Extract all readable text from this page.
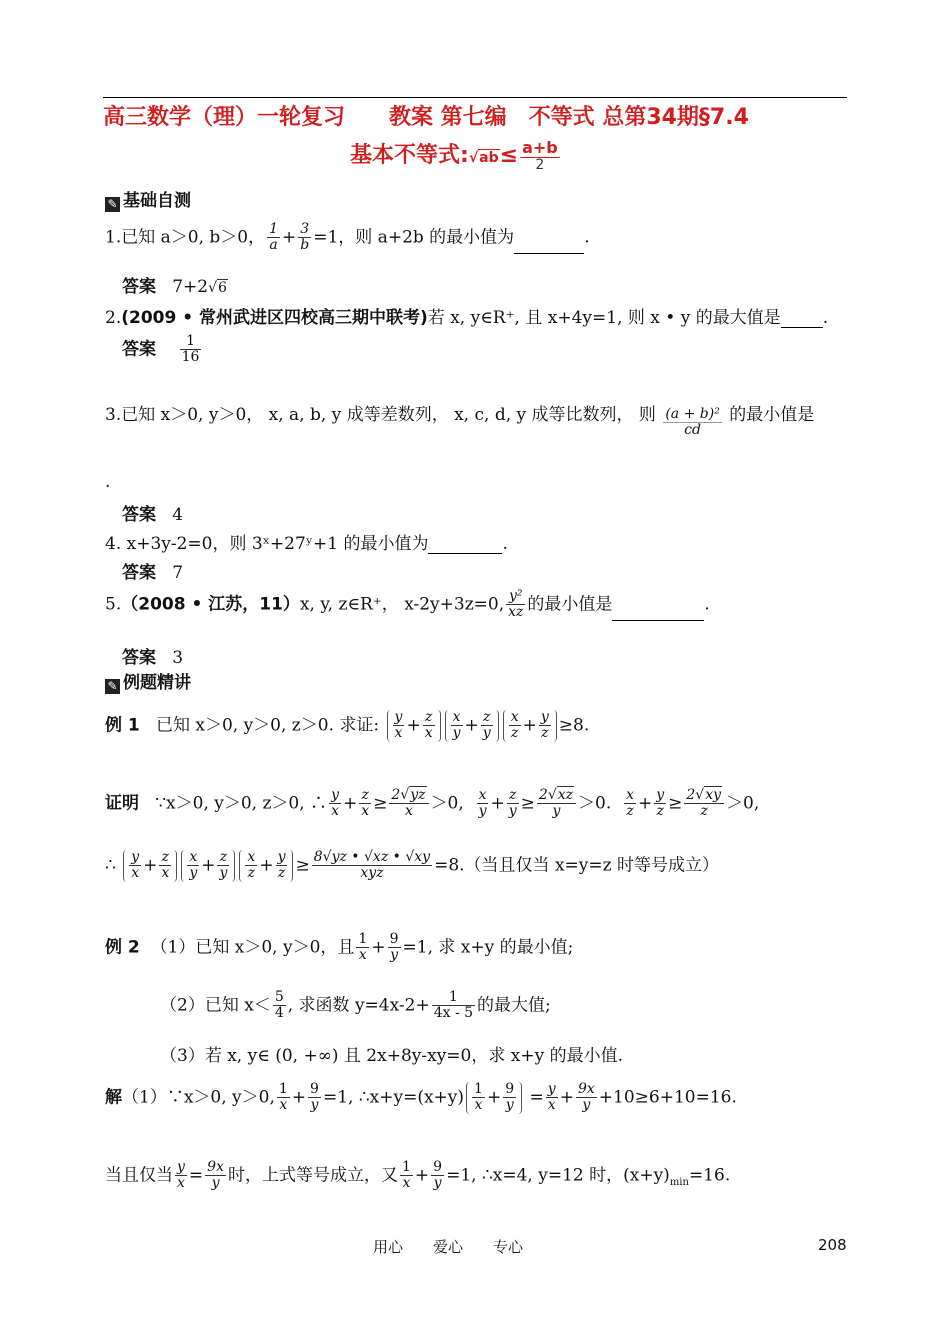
高三数学（理）一轮复习　　教案 第七编　不等式 总第34期§7.4
基本不等式:√ab≤ $\frac{a+b}{2}$
✎ 基础自测
1.已知 a＞0, b＞0， $\frac{1}{a} + \frac{3}{b} =1$，则 a+2b 的最小值为	.
答案 7+2√6
2.(2009 • 常州武进区四校高三期中联考)若 x, y∈R⁺, 且 x+4y=1, 则 x • y 的最大值是 .
答案 $\frac{1}{16}$
3.已知 x＞0, y＞0， x, a, b, y 成等差数列， x, c, d, y 成等比数列， 则 $\frac{\text{(a + b)²}}{cd}$ 的最小值是
.
答案 4
4. x+3y-2=0，则 3ˣ+27ʸ+1 的最小值为	.
答案 7
5.（2008 • 江苏，11）x, y, z∈R⁺， x-2y+3z=0, $\frac{\text{y²}}{xz}$ 的最小值是	.
答案 3
✎ 例题精讲
例 1 已知 x＞0, y＞0, z＞0. 求证: $\frac{y}{x} + \frac{z}{x} \frac{x}{y} + \frac{z}{y} \frac{x}{z} + \frac{y}{z} \ge 8$.
证明 ∵x＞0, y＞0, z＞0, ∴ $\frac{y}{x} + \frac{z}{x} \ge \frac{2√yz}{x} >0$, $\frac{x}{y} + \frac{z}{y} \ge \frac{2√xz}{y} >0$. $\frac{x}{z} + \frac{y}{z} \ge \frac{2√xy}{z} >0$,
∴ $\frac{y}{x} + \frac{z}{x} \frac{x}{y} + \frac{z}{y} \frac{x}{z} + \frac{y}{z} \ge \frac{8√yz • √xz • √xy}{\text{xyz}} =8$.（当且仅当 x=y=z 时等号成立）
例 2 （1）已知 x＞0, y＞0，且 $\frac{1}{x} + \frac{9}{y} =1$, 求 x+y 的最小值;
（2）已知 $x< \frac{5}{4}$ , 求函数 $y=4x-2+ \frac{1}{4x - 5}$ 的最大值;
（3）若 x, y∈ (0, +∞) 且 2x+8y-xy=0，求 x+y 的最小值.
解（1）∵x＞0, y＞0, $\frac{1}{x} + \frac{9}{y} =1$, ∴x+y=(x+y) $\frac{1}{x} + \frac{9}{y} = \frac{y}{x} + \frac{9x}{y} +10\ge 6+10=16$.
当且仅当 $\frac{y}{x} = \frac{9x}{y}$ 时，上式等号成立，又 $\frac{1}{x} + \frac{9}{y} =1$, ∴x=4, y=12 时，$(x+y)_{min}=16$.
用心　　爱心　　专心	208
